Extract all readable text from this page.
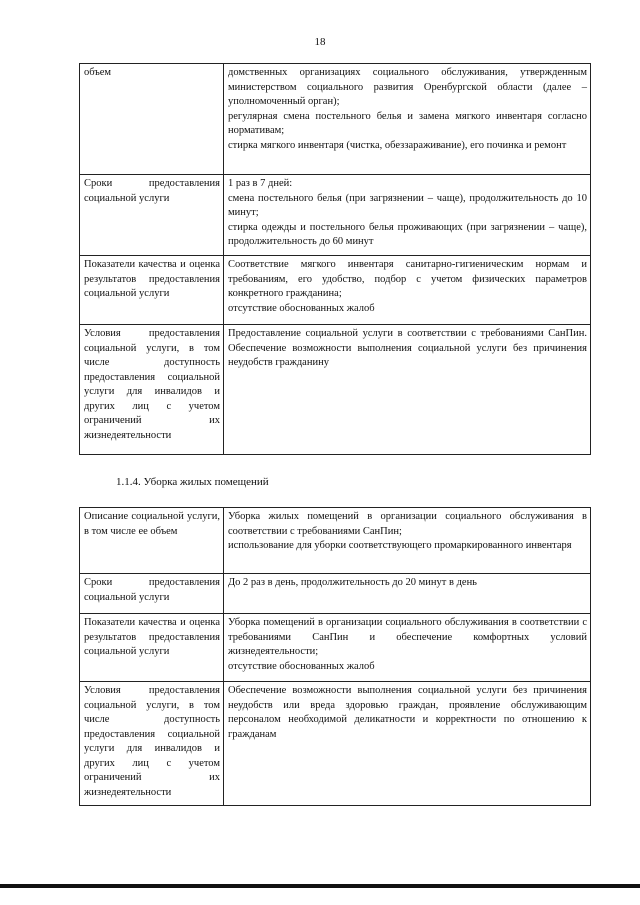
18
объем	домственных организациях социального обслуживания, утвержденным министерством социального развития Оренбургской области (далее – уполномоченный орган);
регулярная смена постельного белья и замена мягкого инвентаря согласно нормативам;
стирка мягкого инвентаря (чистка, обеззараживание), его починка и ремонт

Сроки предоставления социальной услуги	1 раз в 7 дней:
смена постельного белья (при загрязнении – чаще), продолжительность до 10 минут;
стирка одежды и постельного белья проживающих (при загрязнении – чаще), продолжительность до 60 минут

Показатели качества и оценка результатов предоставления социальной услуги	Соответствие мягкого инвентаря санитарно-гигиеническим нормам и требованиям, его удобство, подбор с учетом физических параметров конкретного гражданина;
отсутствие обоснованных жалоб

Условия предоставления социальной услуги, в том числе доступность предоставления социальной услуги для инвалидов и других лиц с учетом ограничений их жизнедеятельности	Предоставление социальной услуги в соответствии с требованиями СанПин. Обеспечение возможности выполнения социальной услуги без причинения неудобств гражданину
1.1.4. Уборка жилых помещений
Описание социальной услуги, в том числе ее объем	Уборка жилых помещений в организации социального обслуживания в соответствии с требованиями СанПин;
использование для уборки соответствующего промаркированного инвентаря

Сроки предоставления социальной услуги	До 2 раз в день, продолжительность до 20 минут в день

Показатели качества и оценка результатов предоставления социальной услуги	Уборка помещений в организации социального обслуживания в соответствии с требованиями СанПин и обеспечение комфортных условий жизнедеятельности;
отсутствие обоснованных жалоб

Условия предоставления социальной услуги, в том числе доступность предоставления социальной услуги для инвалидов и других лиц с учетом ограничений их жизнедеятельности	Обеспечение возможности выполнения социальной услуги без причинения неудобств или вреда здоровью граждан, проявление обслуживающим персоналом необходимой деликатности и корректности по отношению к гражданам
